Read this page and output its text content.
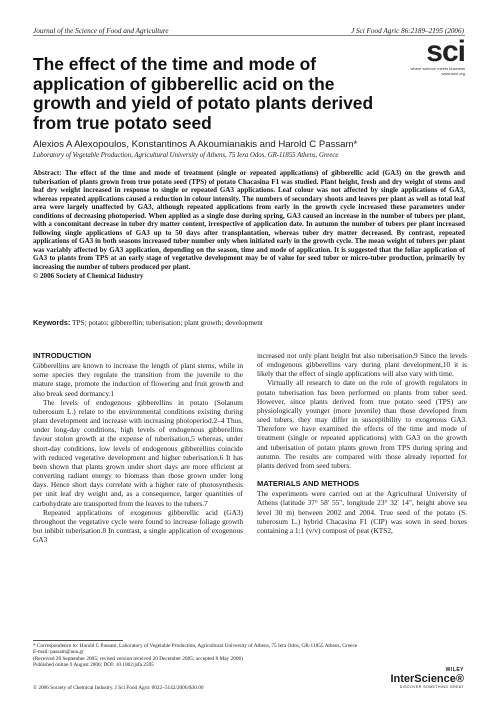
Journal of the Science of Food and Agriculture	J Sci Food Agric 86:2189–2195 (2006)
sci
where science meets business
www.soci.org
The effect of the time and mode of application of gibberellic acid on the growth and yield of potato plants derived from true potato seed
Alexios A Alexopoulos, Konstantinos A Akoumianakis and Harold C Passam*
Laboratory of Vegetable Production, Agricultural University of Athens, 75 Iera Odos, GR-11855 Athens, Greece
Abstract: The effect of the time and mode of treatment (single or repeated applications) of gibberellic acid (GA3) on the growth and tuberisation of plants grown from true potato seed (TPS) of potato Chacasina F1 was studied. Plant height, fresh and dry weight of stems and leaf dry weight increased in response to single or repeated GA3 applications. Leaf colour was not affected by single applications of GA3, whereas repeated applications caused a reduction in colour intensity. The numbers of secondary shoots and leaves per plant as well as total leaf area were largely unaffected by GA3, although repeated applications from early in the growth cycle increased these parameters under conditions of decreasing photoperiod. When applied as a single dose during spring, GA3 caused an increase in the number of tubers per plant, with a concomitant decrease in tuber dry matter content, irrespective of application date. In autumn the number of tubers per plant increased following single applications of GA3 up to 50 days after transplantation, whereas tuber dry matter decreased. By contrast, repeated applications of GA3 in both seasons increased tuber number only when initiated early in the growth cycle. The mean weight of tubers per plant was variably affected by GA3 application, depending on the season, time and mode of application. It is suggested that the foliar application of GA3 to plants from TPS at an early stage of vegetative development may be of value for seed tuber or micro-tuber production, primarily by increasing the number of tubers produced per plant.
© 2006 Society of Chemical Industry
Keywords: TPS; potato; gibberellin; tuberisation; plant growth; development
INTRODUCTION

Gibberellins are known to increase the length of plant stems, while in some species they regulate the transition from the juvenile to the mature stage, promote the induction of flowering and fruit growth and also break seed dormancy.1

The levels of endogenous gibberellins in potato (Solanum tuberosum L.) relate to the environmental conditions existing during plant development and increase with increasing photoperiod.2–4 Thus, under long-day conditions, high levels of endogenous gibberellins favour stolon growth at the expense of tuberisation,5 whereas, under short-day conditions, low levels of endogenous gibberellins coincide with reduced vegetative development and higher tuberisation.6 It has been shown that plants grown under short days are more efficient at converting radiant energy to biomass than those grown under long days. Hence short days correlate with a higher rate of photosynthesis per unit leaf dry weight and, as a consequence, larger quantities of carbohydrate are transported from the leaves to the tubers.7

Repeated applications of exogenous gibberellic acid (GA3) throughout the vegetative cycle were found to increase foliage growth but inhibit tuberisation.8 In contrast, a single application of exogenous GA3

increased not only plant height but also tuberisation.9 Since the levels of endogenous gibberellins vary during plant development,10 it is likely that the effect of single applications will also vary with time.

Virtually all research to date on the role of growth regulators in potato tuberisation has been performed on plants from tuber seed. However, since plants derived from true potato seed (TPS) are physiologically younger (more juvenile) than those developed from seed tubers, they may differ in susceptibility to exogenous GA3. Therefore we have examined the effects of the time and mode of treatment (single or repeated applications) with GA3 on the growth and tuberisation of potato plants grown from TPS during spring and autumn. The results are compared with those already reported for plants derived from seed tubers.

MATERIALS AND METHODS

The experiments were carried out at the Agricultural University of Athens (latitude 37° 58′ 55″, longitude 23° 32′ 14″, height above sea level 30 m) between 2002 and 2004. True seed of the potato (S. tuberosum L.) hybrid Chacasina F1 (CIP) was sown in seed boxes containing a 1:1 (v/v) compost of peat (KTS2,

* Correspondence to: Harold C Passam, Laboratory of Vegetable Production, Agricultural University of Athens, 75 Iera Odos, GR-11855 Athens, Greece
E-mail: passam@aua.gr
(Received 28 September 2005; revised version received 20 December 2005; accepted 8 May 2006)
Published online 9 August 2006; DOI: 10.1002/jsfa.2595
© 2006 Society of Chemical Industry. J Sci Food Agric 0022–5142/2006/$30.00
WILEY
InterScience®
DISCOVER SOMETHING GREAT
